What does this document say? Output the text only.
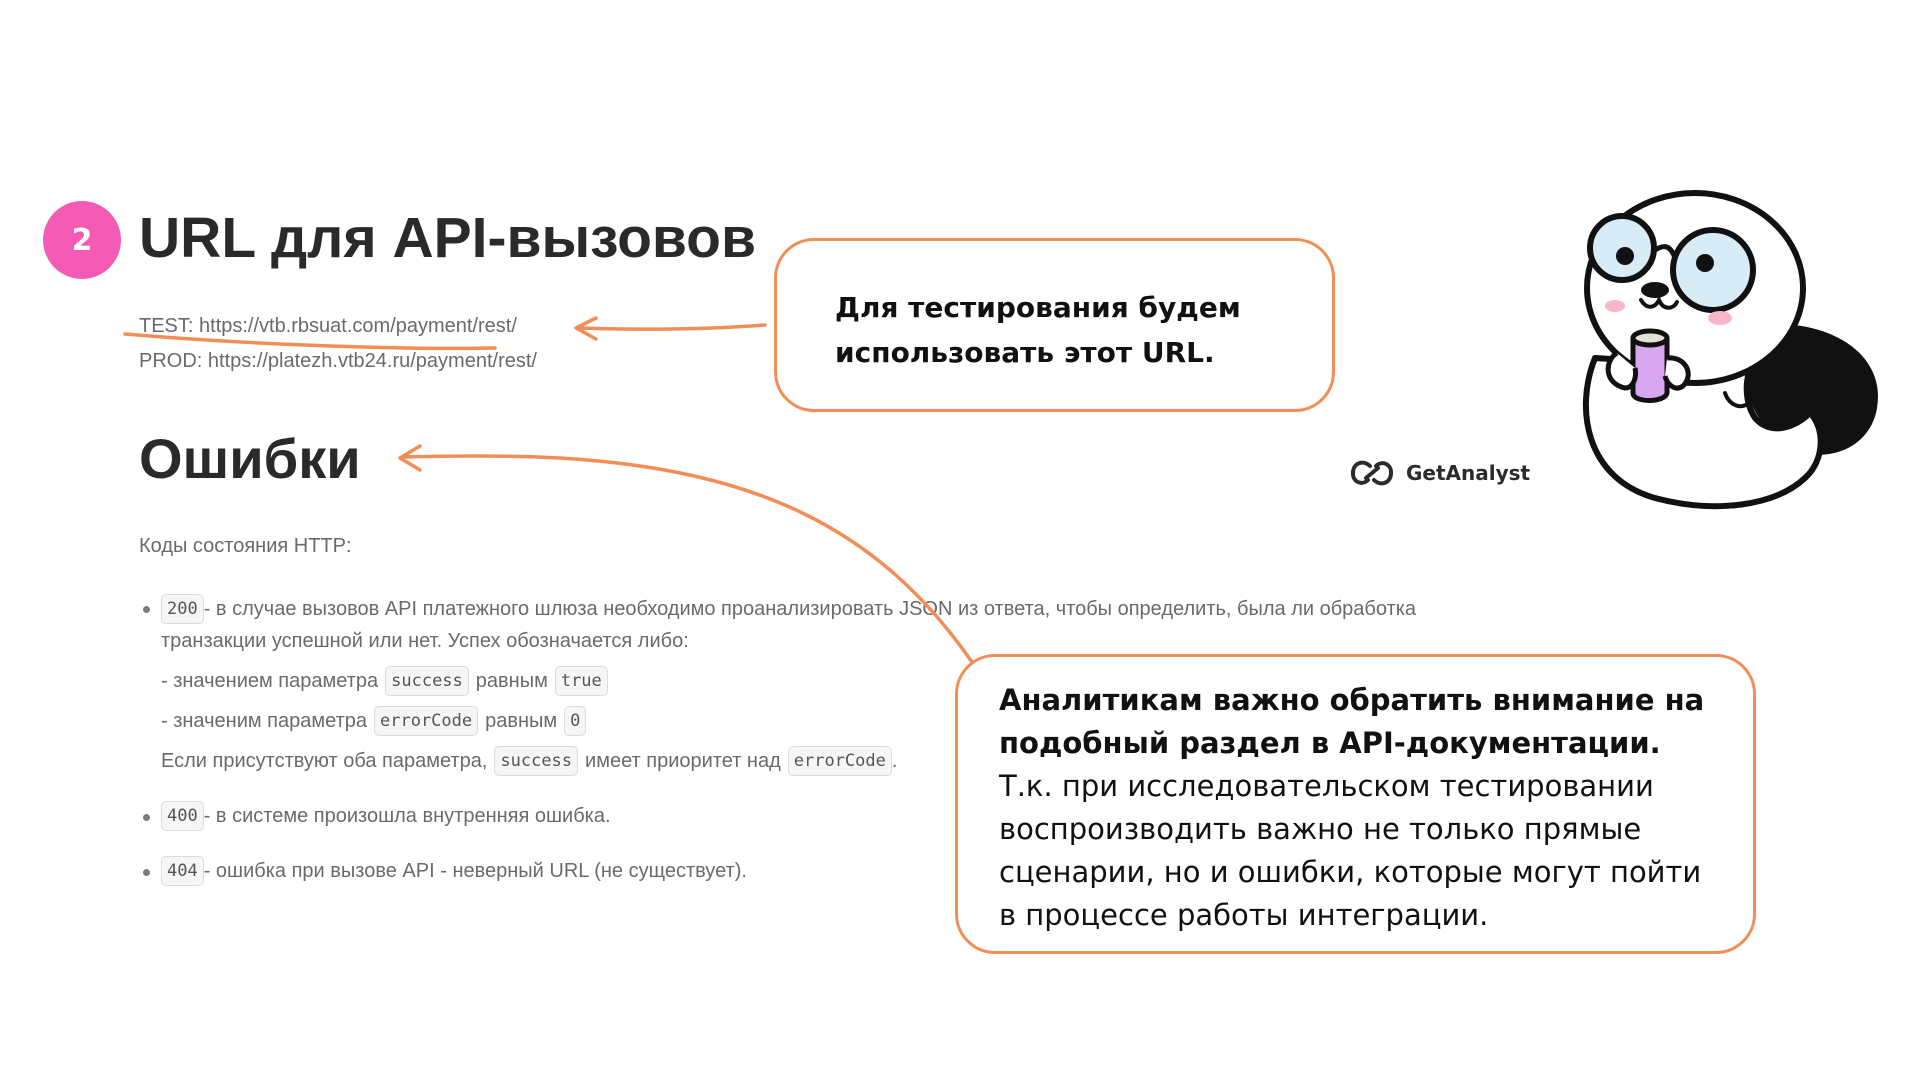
2 URL для API-вызовов
TEST: https://vtb.rbsuat.com/payment/rest/
PROD: https://platezh.vtb24.ru/payment/rest/
Ошибки
Коды состояния HTTP:
200 - в случае вызовов API платежного шлюза необходимо проанализировать JSON из ответа, чтобы определить, была ли обработка
транзакции успешной или нет. Успех обозначается либо:
- значением параметра success равным true
- значеним параметра errorCode равным 0
Если присутствуют оба параметра, success имеет приоритет над errorCode .
400 - в системе произошла внутренняя ошибка.
404 - ошибка при вызове API - неверный URL (не существует).
Для тестирования будем
использовать этот URL.
Аналитикам важно обратить внимание на
подобный раздел в API-документации.
Т.к. при исследовательском тестировании
воспроизводить важно не только прямые
сценарии, но и ошибки, которые могут пойти
в процессе работы интеграции.
GetAnalyst
